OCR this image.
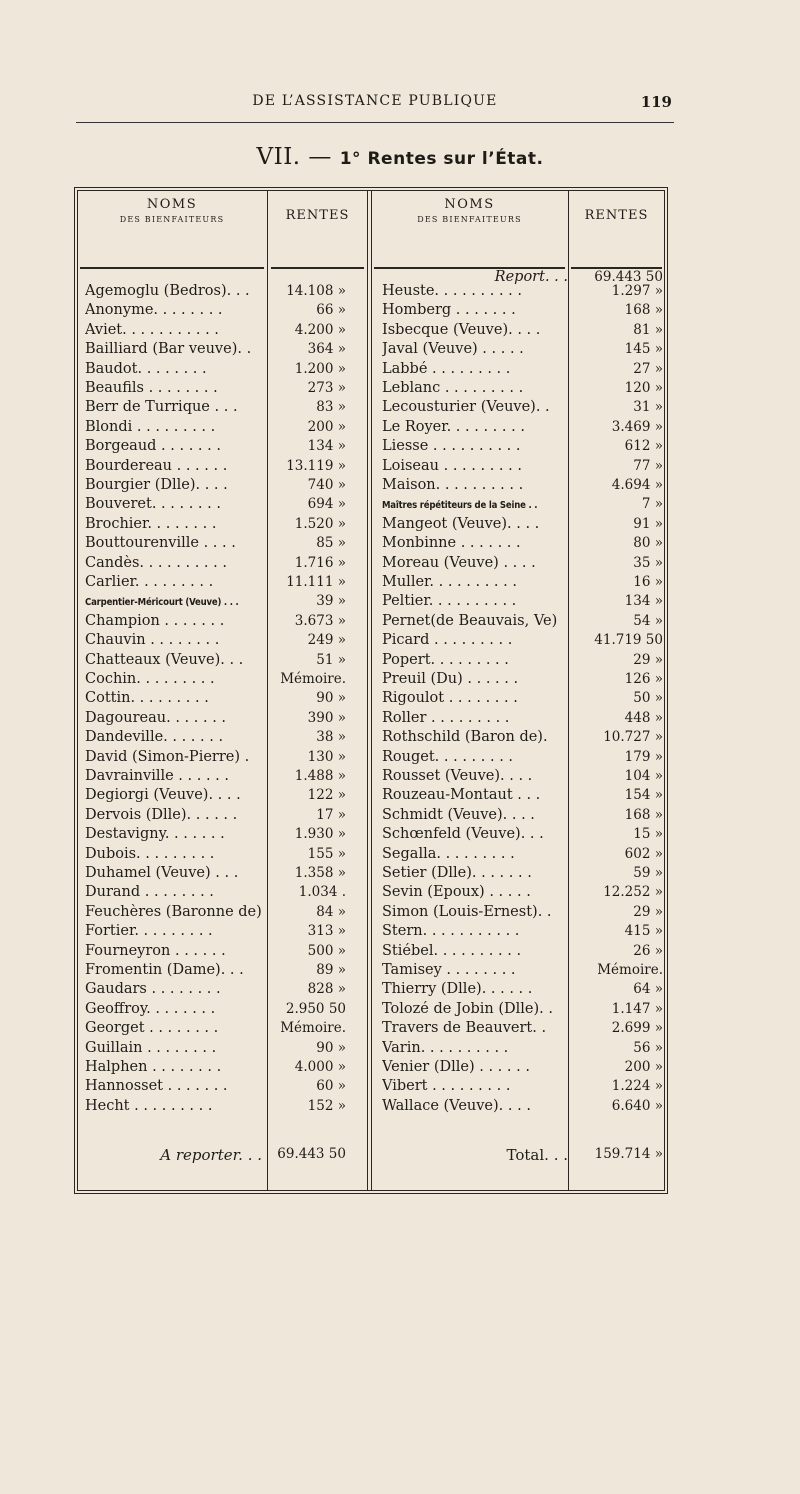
DE L’ASSISTANCE PUBLIQUE	119
VII. — 1° Rentes sur l’État.
NOMS
DES BIENFAITEURS	RENTES
NOMS
DES BIENFAITEURS	RENTES
Report. . .	69.443 50
Agemoglu (Bedros). . .	14.108 » Heuste. . . . . . . . . .	1.297 »
Anonyme. . . . . . . .	66 » Homberg . . . . . . .	168 »
Aviet. . . . . . . . . . .	4.200 » Isbecque (Veuve). . . .	81 »
Bailliard (Bar veuve). .	364 » Javal (Veuve) . . . . .	145 »
Baudot. . . . . . . .	1.200 » Labbé . . . . . . . . .	27 »
Beaufils . . . . . . . .	273 » Leblanc . . . . . . . . .	120 »
Berr de Turrique . . .	83 » Lecousturier (Veuve). .	31 »
Blondi . . . . . . . . .	200 » Le Royer. . . . . . . . .	3.469 »
Borgeaud . . . . . . .	134 » Liesse . . . . . . . . . .	612 »
Bourdereau . . . . . .	13.119 » Loiseau . . . . . . . . .	77 »
Bourgier (Dlle). . . .	740 » Maison. . . . . . . . . .	4.694 »
Bouveret. . . . . . . .	694 »	Maîtres répétiteurs de la Seine . .	7 »
Brochier. . . . . . . .	1.520 » Mangeot (Veuve). . . .	91 »
Bouttourenville . . . .	85 » Monbinne . . . . . . .	80 »
Candès. . . . . . . . . .	1.716 » Moreau (Veuve) . . . .	35 »
Carlier. . . . . . . . .	11.111 » Muller. . . . . . . . . .	16 »
Carpentier-Méricourt (Veuve) . . .	39 » Peltier. . . . . . . . . .	134 »
Champion . . . . . . .	3.673 » Pernet(de Beauvais, Ve)	54 »
Chauvin . . . . . . . .	249 » Picard . . . . . . . . .	41.719 50
Chatteaux (Veuve). . .	51 » Popert. . . . . . . . .	29 »
Cochin. . . . . . . . .	Mémoire. Preuil (Du) . . . . . .	126 »
Cottin. . . . . . . . .	90 » Rigoulot . . . . . . . .	50 »
Dagoureau. . . . . . .	390 » Roller . . . . . . . . .	448 »
Dandeville. . . . . . .	38 » Rothschild (Baron de).	10.727 »
David (Simon-Pierre) .	130 » Rouget. . . . . . . . .	179 »
Davrainville . . . . . .	1.488 » Rousset (Veuve). . . .	104 »
Degiorgi (Veuve). . . .	122 » Rouzeau-Montaut . . .	154 »
Dervois (Dlle). . . . . .	17 » Schmidt (Veuve). . . .	168 »
Destavigny. . . . . . .	1.930 » Schœnfeld (Veuve). . .	15 »
Dubois. . . . . . . . .	155 » Segalla. . . . . . . . .	602 »
Duhamel (Veuve) . . .	1.358 » Setier (Dlle). . . . . . .	59 »
Durand . . . . . . . .	1.034 . Sevin (Epoux) . . . . .	12.252 »
Feuchères (Baronne de)	84 » Simon (Louis-Ernest). .	29 »
Fortier. . . . . . . . .	313 » Stern. . . . . . . . . . .	415 »
Fourneyron . . . . . .	500 » Stiébel. . . . . . . . . .	26 »
Fromentin (Dame). . .	89 » Tamisey . . . . . . . .	Mémoire.
Gaudars . . . . . . . .	828 » Thierry (Dlle). . . . . .	64 »
Geoffroy. . . . . . . .	2.950 50 Tolozé de Jobin (Dlle). .	1.147 »
Georget . . . . . . . .	Mémoire. Travers de Beauvert. .	2.699 »
Guillain . . . . . . . .	90 » Varin. . . . . . . . . .	56 »
Halphen . . . . . . . .	4.000 » Venier (Dlle) . . . . . .	200 »
Hannosset . . . . . . .	60 » Vibert . . . . . . . . .	1.224 »
Hecht . . . . . . . . .	152 » Wallace (Veuve). . . .	6.640 »
A reporter. . .	69.443 50	Total. . .	159.714 »
